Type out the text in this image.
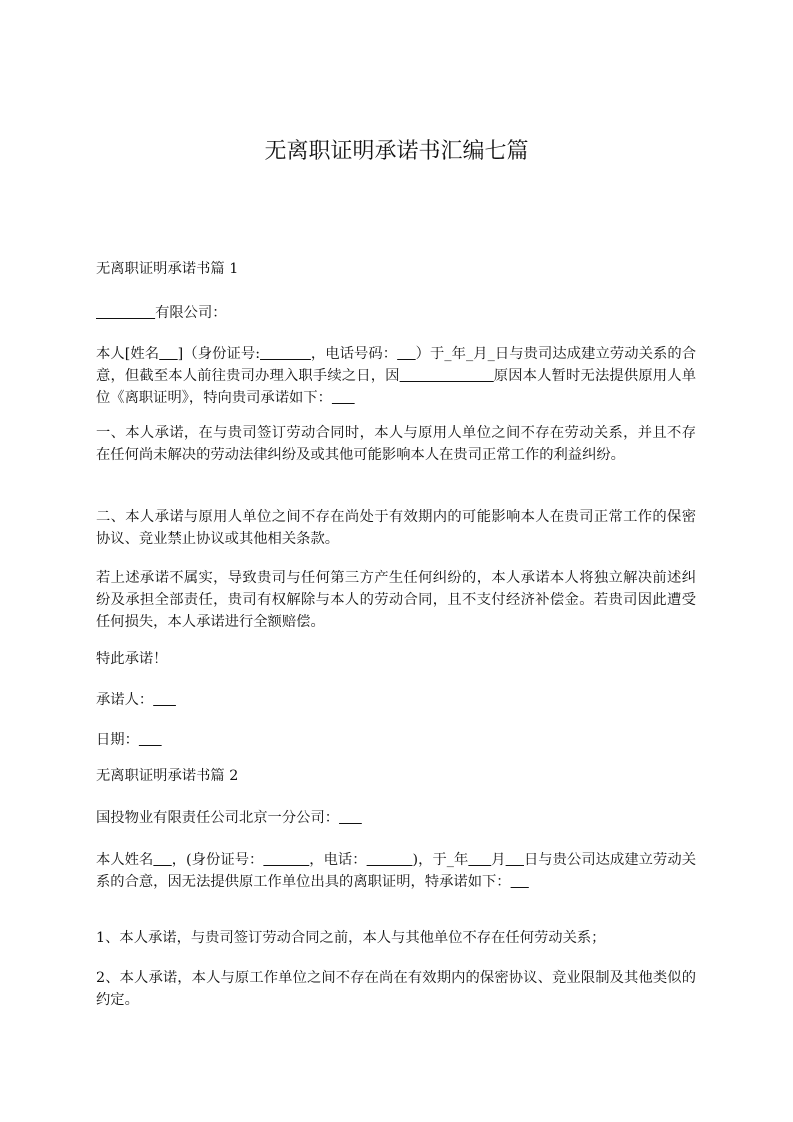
无离职证明承诺书汇编七篇
无离职证明承诺书篇 1
有限公司：
本人[姓名 ]（身份证号:	，电话号码： ）于_年_月_日与贵司达成建立劳动关系的合意，但截至本人前往贵司办理入职手续之日，因	原因本人暂时无法提供原用人单位《离职证明》，特向贵司承诺如下：
一、本人承诺，在与贵司签订劳动合同时，本人与原用人单位之间不存在劳动关系，并且不存在任何尚未解决的劳动法律纠纷及或其他可能影响本人在贵司正常工作的利益纠纷。
二、本人承诺与原用人单位之间不存在尚处于有效期内的可能影响本人在贵司正常工作的保密协议、竞业禁止协议或其他相关条款。
若上述承诺不属实，导致贵司与任何第三方产生任何纠纷的，本人承诺本人将独立解决前述纠纷及承担全部责任，贵司有权解除与本人的劳动合同，且不支付经济补偿金。若贵司因此遭受任何损失，本人承诺进行全额赔偿。
特此承诺！
承诺人：
日期：
无离职证明承诺书篇 2
国投物业有限责任公司北京一分公司：
本人姓名 ，(身份证号：	，电话：	)，于_年 月 日与贵公司达成建立劳动关系的合意，因无法提供原工作单位出具的离职证明，特承诺如下：
1、本人承诺，与贵司签订劳动合同之前，本人与其他单位不存在任何劳动关系；
2、本人承诺，本人与原工作单位之间不存在尚在有效期内的保密协议、竞业限制及其他类似的约定。
